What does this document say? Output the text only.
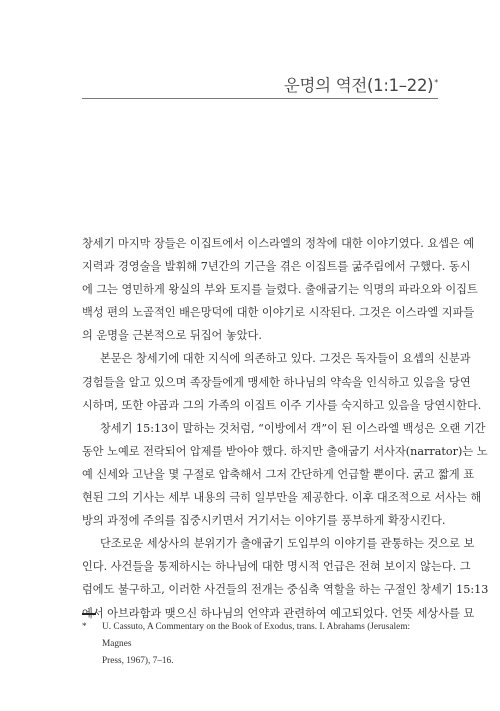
운명의 역전(1:1–22)*
창세기 마지막 장들은 이집트에서 이스라엘의 정착에 대한 이야기였다. 요셉은 예
지력과 경영술을 발휘해 7년간의 기근을 겪은 이집트를 굶주림에서 구했다. 동시
에 그는 영민하게 왕실의 부와 토지를 늘렸다. 출애굽기는 익명의 파라오와 이집트
백성 편의 노골적인 배은망덕에 대한 이야기로 시작된다. 그것은 이스라엘 지파들
의 운명을 근본적으로 뒤집어 놓았다.
본문은 창세기에 대한 지식에 의존하고 있다. 그것은 독자들이 요셉의 신분과
경험들을 알고 있으며 족장들에게 맹세한 하나님의 약속을 인식하고 있음을 당연
시하며, 또한 야곱과 그의 가족의 이집트 이주 기사를 숙지하고 있음을 당연시한다.
창세기 15:13이 말하는 것처럼, “이방에서 객”이 된 이스라엘 백성은 오랜 기간
동안 노예로 전락되어 압제를 받아야 했다. 하지만 출애굽기 서사자(narrator)는 노
예 신세와 고난을 몇 구절로 압축해서 그저 간단하게 언급할 뿐이다. 굵고 짧게 표
현된 그의 기사는 세부 내용의 극히 일부만을 제공한다. 이후 대조적으로 서사는 해
방의 과정에 주의를 집중시키면서 거기서는 이야기를 풍부하게 확장시킨다.
단조로운 세상사의 분위기가 출애굽기 도입부의 이야기를 관통하는 것으로 보
인다. 사건들을 통제하시는 하나님에 대한 명시적 언급은 전혀 보이지 않는다. 그
럼에도 불구하고, 이러한 사건들의 전개는 중심축 역할을 하는 구절인 창세기 15:13
에서 아브라함과 맺으신 하나님의 언약과 관련하여 예고되었다. 언뜻 세상사를 묘
* U. Cassuto, A Commentary on the Book of Exodus, trans. I. Abrahams (Jerusalem: Magnes
Press, 1967), 7–16.
